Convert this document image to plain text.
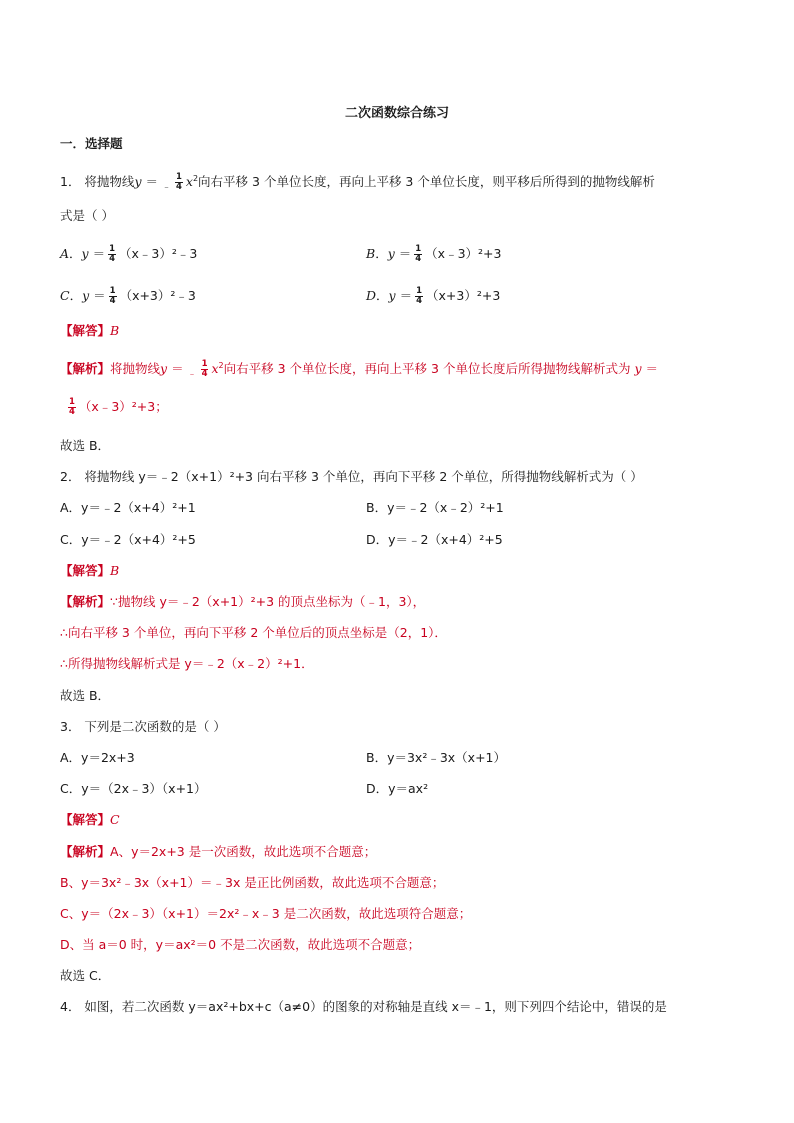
二次函数综合练习
一．选择题
1． 将抛物线$y = _﹣ \frac{1}{4} x^2$向右平移 3 个单位长度，再向上平移 3 个单位长度，则平移后所得到的抛物线解析
式是（ ）
A．$y = \frac{1}{4}$ （x﹣3）²﹣3	B．$y = \frac{1}{4}$ （x﹣3）²+3
C．$y = \frac{1}{4}$ （x+3）²﹣3	D．$y = \frac{1}{4} (x+3)^2+3$
【解答】B
【解析】将抛物线$y = _﹣ \frac{1}{4} x^2$向右平移 3 个单位长度，再向上平移 3 个单位长度后所得抛物线解析式为 y ＝
$\frac{1}{4}$ （x﹣3）²+3；
故选 B．
2． 将抛物线 y＝﹣2（x+1）²+3 向右平移 3 个单位，再向下平移 2 个单位，所得抛物线解析式为（ ）
A．y＝﹣2（x+4）²+1	B．y＝﹣2（x﹣2）²+1
C．y＝﹣2（x+4）²+5	D．y＝﹣2（x+4）²+5
【解答】B
【解析】∵抛物线 y＝﹣2（x+1）²+3 的顶点坐标为（﹣1，3），
∴向右平移 3 个单位，再向下平移 2 个单位后的顶点坐标是（2，1）．
∴所得抛物线解析式是 y＝﹣2（x﹣2）²+1．
故选 B．
3． 下列是二次函数的是（ ）
A．y＝2x+3	B．y＝3x²﹣3x（x+1）
C．y＝（2x﹣3）（x+1）	D．y＝ax²
【解答】C
【解析】A、y＝2x+3 是一次函数，故此选项不合题意；
B、y＝3x²﹣3x（x+1）＝﹣3x 是正比例函数，故此选项不合题意；
C、y＝（2x﹣3）（x+1）＝2x²﹣x﹣3 是二次函数，故此选项符合题意；
D、当 a＝0 时，y＝ax²＝0 不是二次函数，故此选项不合题意；
故选 C．
4． 如图，若二次函数 y＝ax²+bx+c（a≠0）的图象的对称轴是直线 x＝﹣1，则下列四个结论中，错误的是
